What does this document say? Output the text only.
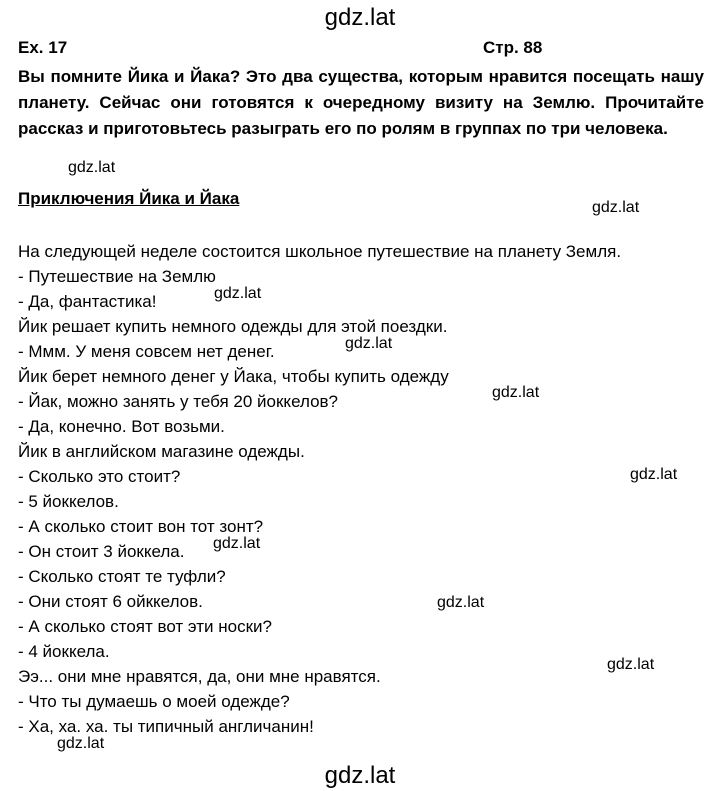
gdz.lat
Ex. 17	Стр. 88

Вы помните Йика и Йака? Это два существа, которым нравится посещать нашу планету. Сейчас они готовятся к очередному визиту на Землю. Прочитайте рассказ и приготовьтесь разыграть его по ролям в группах по три человека.

gdz.lat
Приключения Йика и Йака	gdz.lat
На следующей неделе состоится школьное путешествие на планету Земля.
- Путешествие на Землю
- Да, фантастика!
Йик решает купить немного одежды для этой поездки.
- Ммм. У меня совсем нет денег.
Йик берет немного денег у Йака, чтобы купить одежду
- Йак, можно занять у тебя 20 йоккелов?
- Да, конечно. Вот возьми.
Йик в английском магазине одежды.
- Сколько это стоит?
- 5 йоккелов.
- А сколько стоит вон тот зонт?
- Он стоит 3 йоккела.
- Сколько стоят те туфли?
- Они стоят 6 ойккелов.
- А сколько стоят вот эти носки?
- 4 йоккела.
Ээ... они мне нравятся, да, они мне нравятся.
- Что ты думаешь о моей одежде?
- Ха, ха. ха. ты типичный англичанин!
gdz.lat
gdz.lat
gdz.lat
gdz.lat
gdz.lat
gdz.lat
gdz.lat
gdz.lat
gdz.lat
